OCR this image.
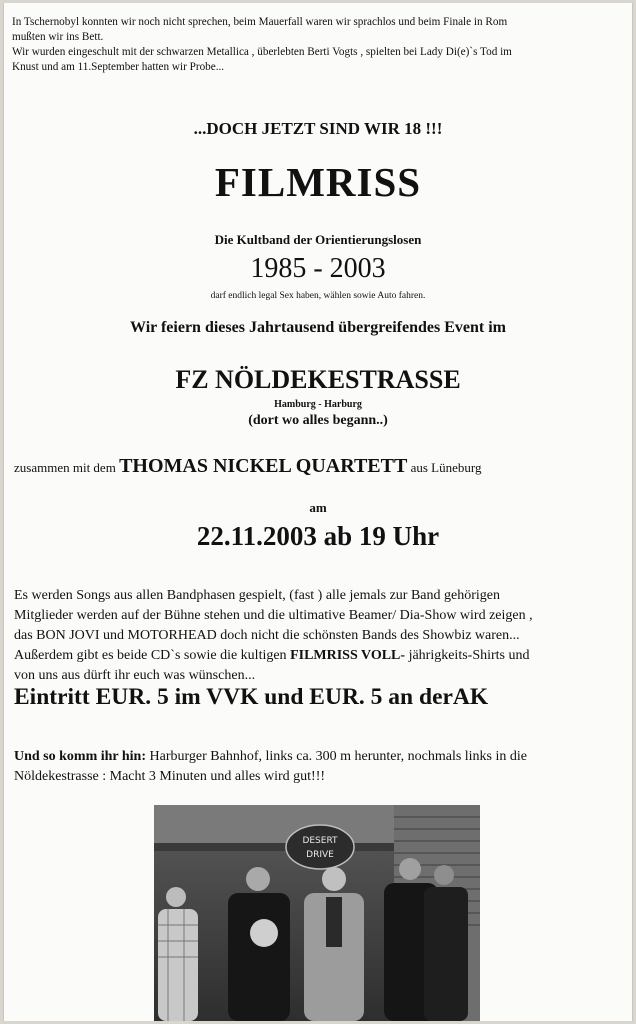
In Tschernobyl konnten wir noch nicht sprechen, beim Mauerfall waren wir sprachlos und beim Finale in Rom

mußten wir ins Bett.

Wir wurden eingeschult mit der schwarzen Metallica , überlebten Berti Vogts , spielten bei Lady Di(e)`s Tod im

Knust und am 11.September hatten wir Probe...

...DOCH JETZT SIND WIR 18 !!!
FILMRISS
Die Kultband der Orientierungslosen
1985 - 2003
darf endlich legal Sex haben, wählen sowie Auto fahren.
Wir feiern dieses Jahrtausend übergreifendes Event im
FZ NÖLDEKESTRASSE
Hamburg - Harburg
(dort wo alles begann..)
zusammen mit dem THOMAS NICKEL QUARTETT aus Lüneburg
am
22.11.2003 ab 19 Uhr

Es werden Songs aus allen Bandphasen gespielt, (fast ) alle jemals zur Band gehörigen

Mitglieder werden auf der Bühne stehen und die ultimative Beamer/ Dia-Show wird zeigen ,

das BON JOVI und MOTORHEAD doch nicht die schönsten Bands des Showbiz waren...

Außerdem gibt es beide CD`s sowie die kultigen FILMRISS VOLL- jährigkeits-Shirts und

von uns aus dürft ihr euch was wünschen...

Eintritt EUR. 5 im VVK und EUR. 5 an derAK

Und so komm ihr hin: Harburger Bahnhof, links ca. 300 m herunter, nochmals links in die

Nöldekestrasse : Macht 3 Minuten und alles wird gut!!!

DESERT
DRIVE
